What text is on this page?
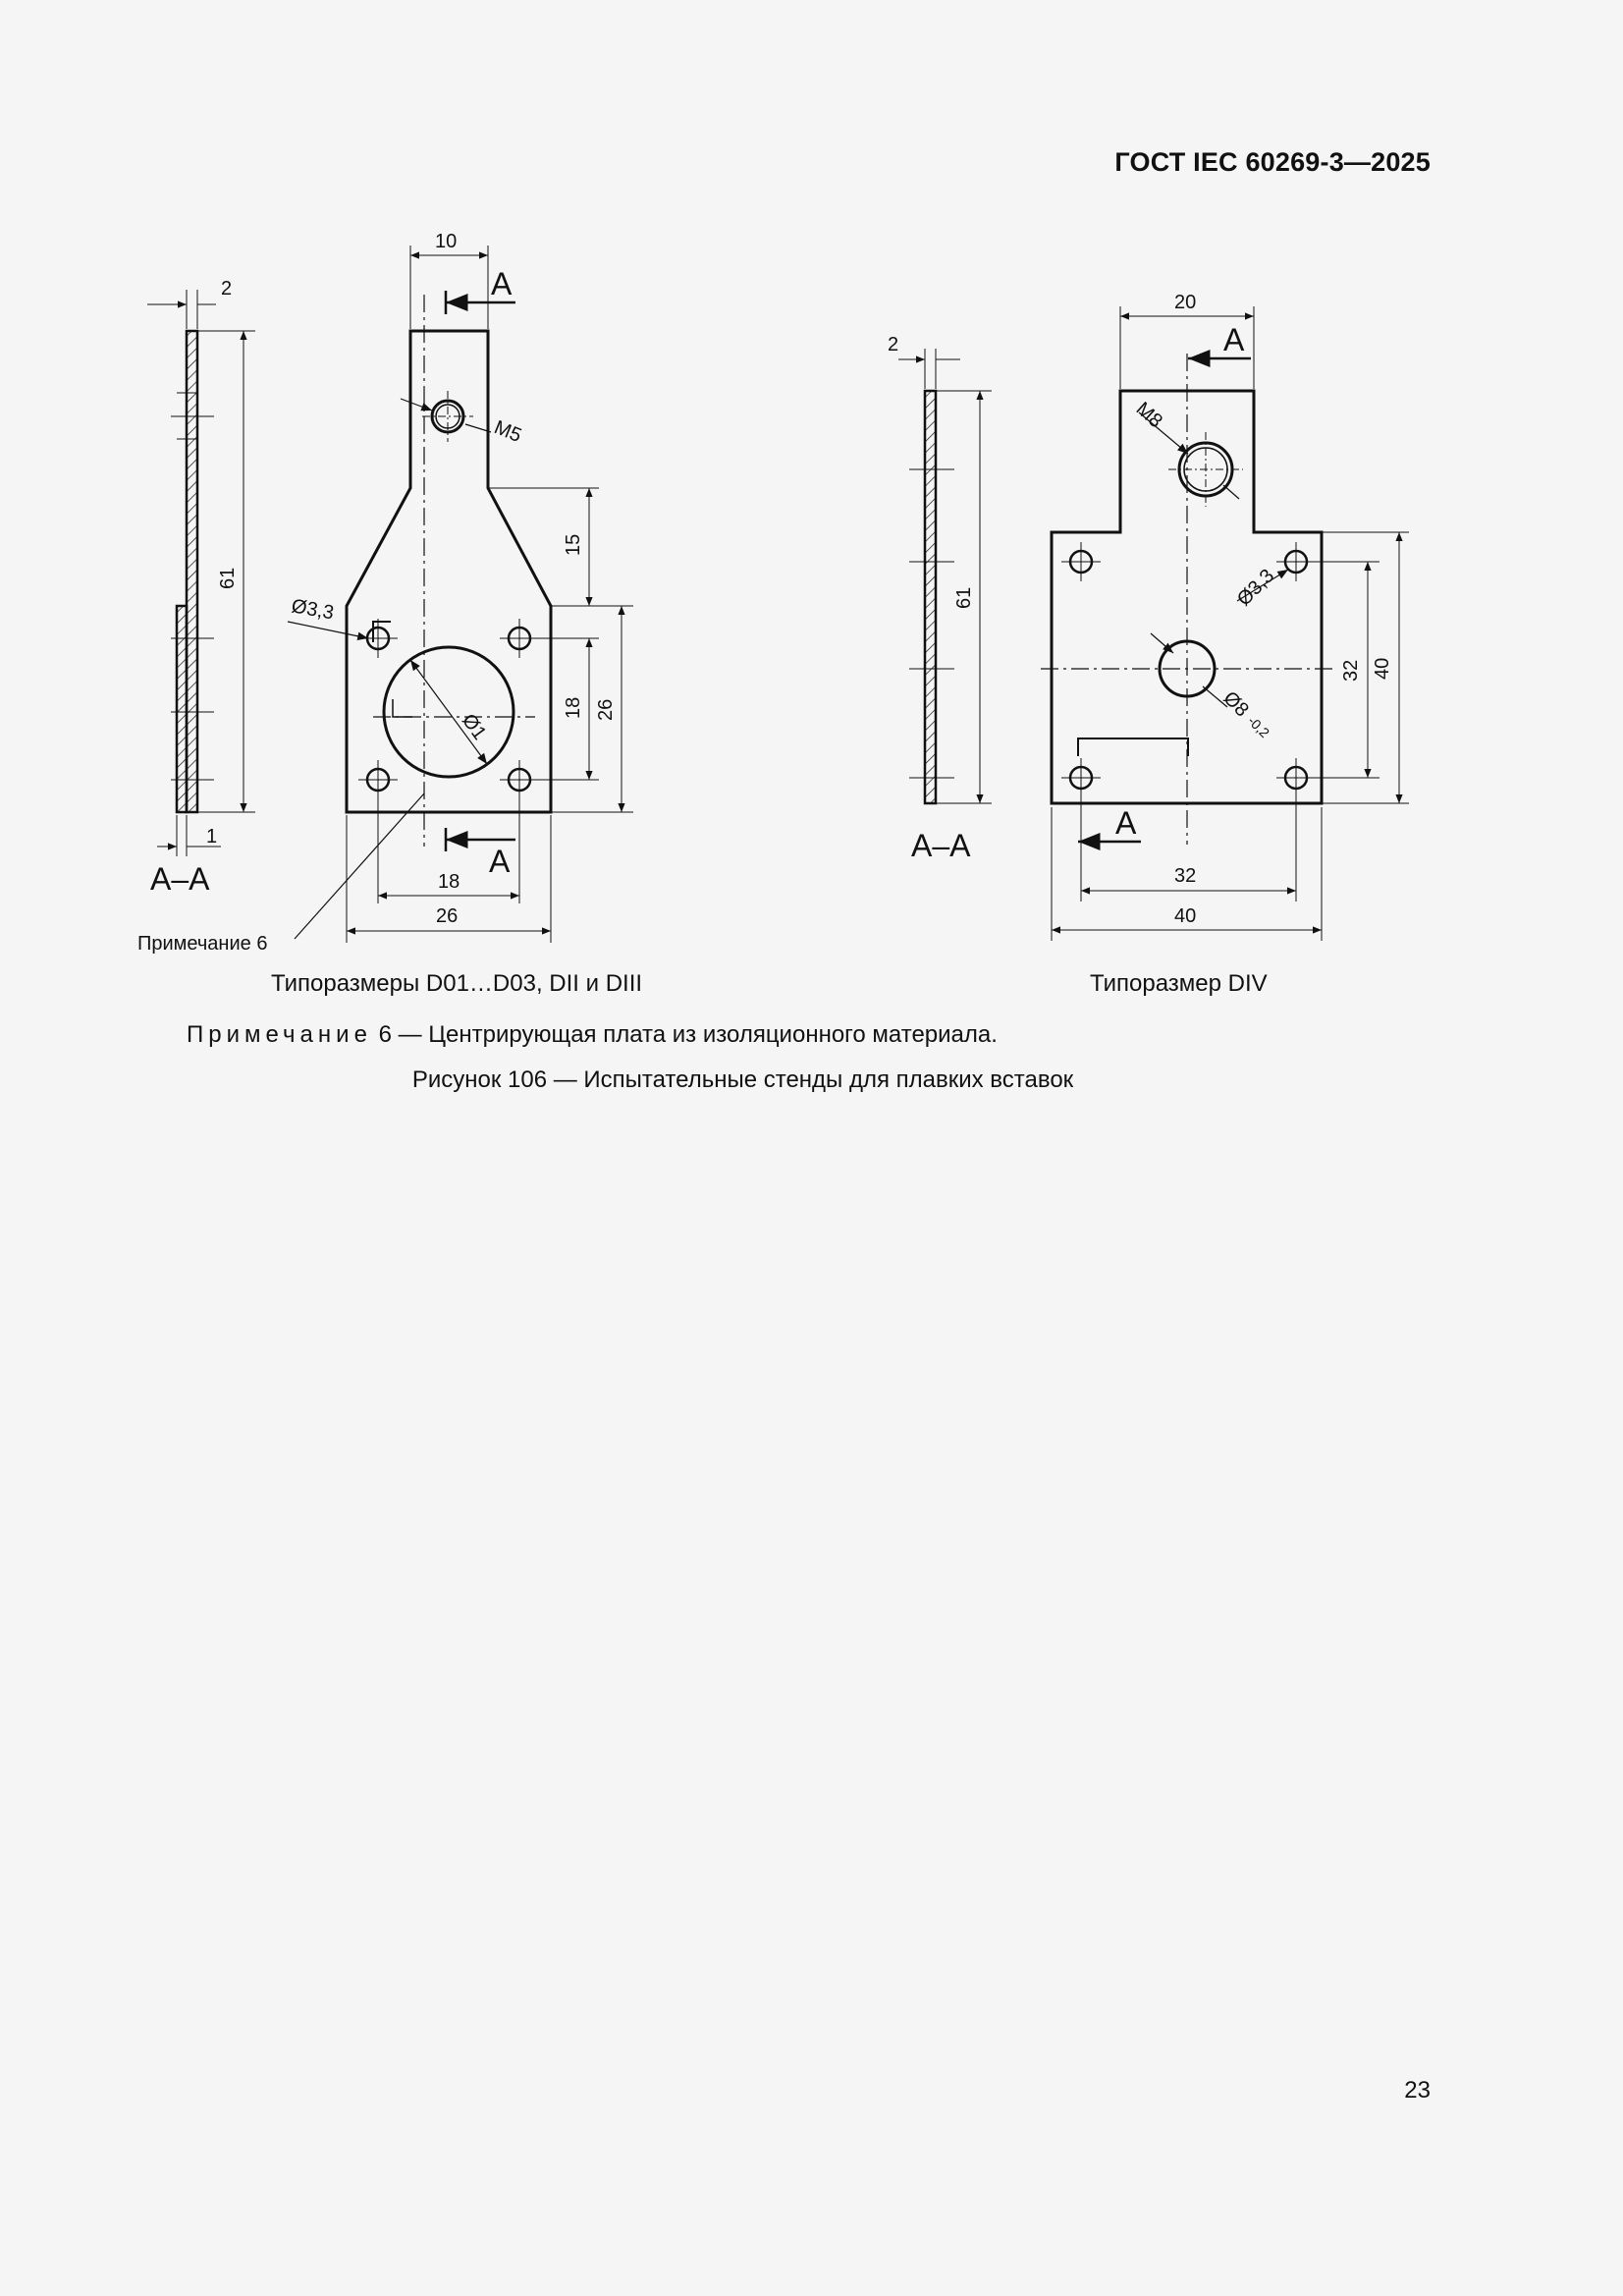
ГОСТ IEC 60269-3—2025
10
А
А
2
61
1
А–А
M5
Ø3,3
Ø1
15
18 26
18
26
Примечание 6
20
А
А
2
61
А–А
M8
Ø3,3
Ø8
-0,2
32 40
32
40
Типоразмеры D01…D03, DII и DIII	Типоразмер DIV
Примечание 6 — Центрирующая плата из изоляционного материала.
Рисунок 106 — Испытательные стенды для плавких вставок
23
